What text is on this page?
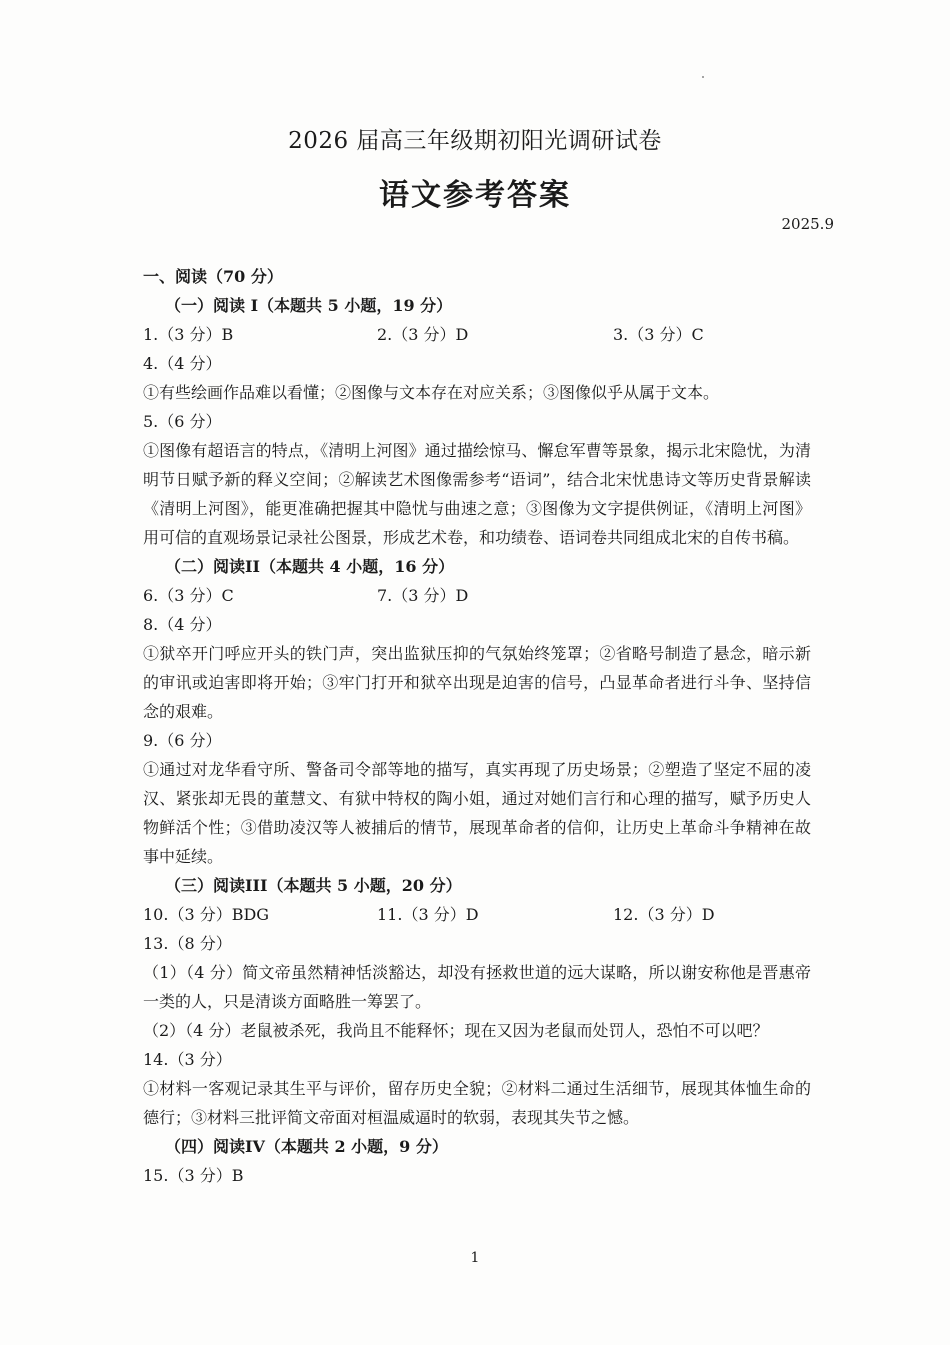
2026 届高三年级期初阳光调研试卷
语文参考答案
2025.9
一、阅读（70 分）
（一）阅读 I（本题共 5 小题，19 分）
1.（3 分）B	2.（3 分）D	3.（3 分）C
4.（4 分）
①有些绘画作品难以看懂；②图像与文本存在对应关系；③图像似乎从属于文本。
5.（6 分）
①图像有超语言的特点，《清明上河图》通过描绘惊马、懈怠军曹等景象，揭示北宋隐忧，为清明节日赋予新的释义空间；②解读艺术图像需参考“语词”，结合北宋忧患诗文等历史背景解读《清明上河图》，能更准确把握其中隐忧与曲速之意；③图像为文字提供例证，《清明上河图》用可信的直观场景记录社公图景，形成艺术卷，和功绩卷、语词卷共同组成北宋的自传书稿。
（二）阅读II（本题共 4 小题，16 分）
6.（3 分）C	7.（3 分）D
8.（4 分）
①狱卒开门呼应开头的铁门声，突出监狱压抑的气氛始终笼罩；②省略号制造了悬念，暗示新的审讯或迫害即将开始；③牢门打开和狱卒出现是迫害的信号，凸显革命者进行斗争、坚持信念的艰难。
9.（6 分）
①通过对龙华看守所、警备司令部等地的描写，真实再现了历史场景；②塑造了坚定不屈的凌汉、紧张却无畏的董慧文、有狱中特权的陶小姐，通过对她们言行和心理的描写，赋予历史人物鲜活个性；③借助凌汉等人被捕后的情节，展现革命者的信仰，让历史上革命斗争精神在故事中延续。
（三）阅读III（本题共 5 小题，20 分）
10.（3 分）BDG	11.（3 分）D	12.（3 分）D
13.（8 分）
（1）（4 分）简文帝虽然精神恬淡豁达，却没有拯救世道的远大谋略，所以谢安称他是晋惠帝一类的人，只是清谈方面略胜一筹罢了。
（2）（4 分）老鼠被杀死，我尚且不能释怀；现在又因为老鼠而处罚人，恐怕不可以吧？
14.（3 分）
①材料一客观记录其生平与评价，留存历史全貌；②材料二通过生活细节，展现其体恤生命的德行；③材料三批评简文帝面对桓温威逼时的软弱，表现其失节之憾。
（四）阅读IV（本题共 2 小题，9 分）
15.（3 分）B
1
